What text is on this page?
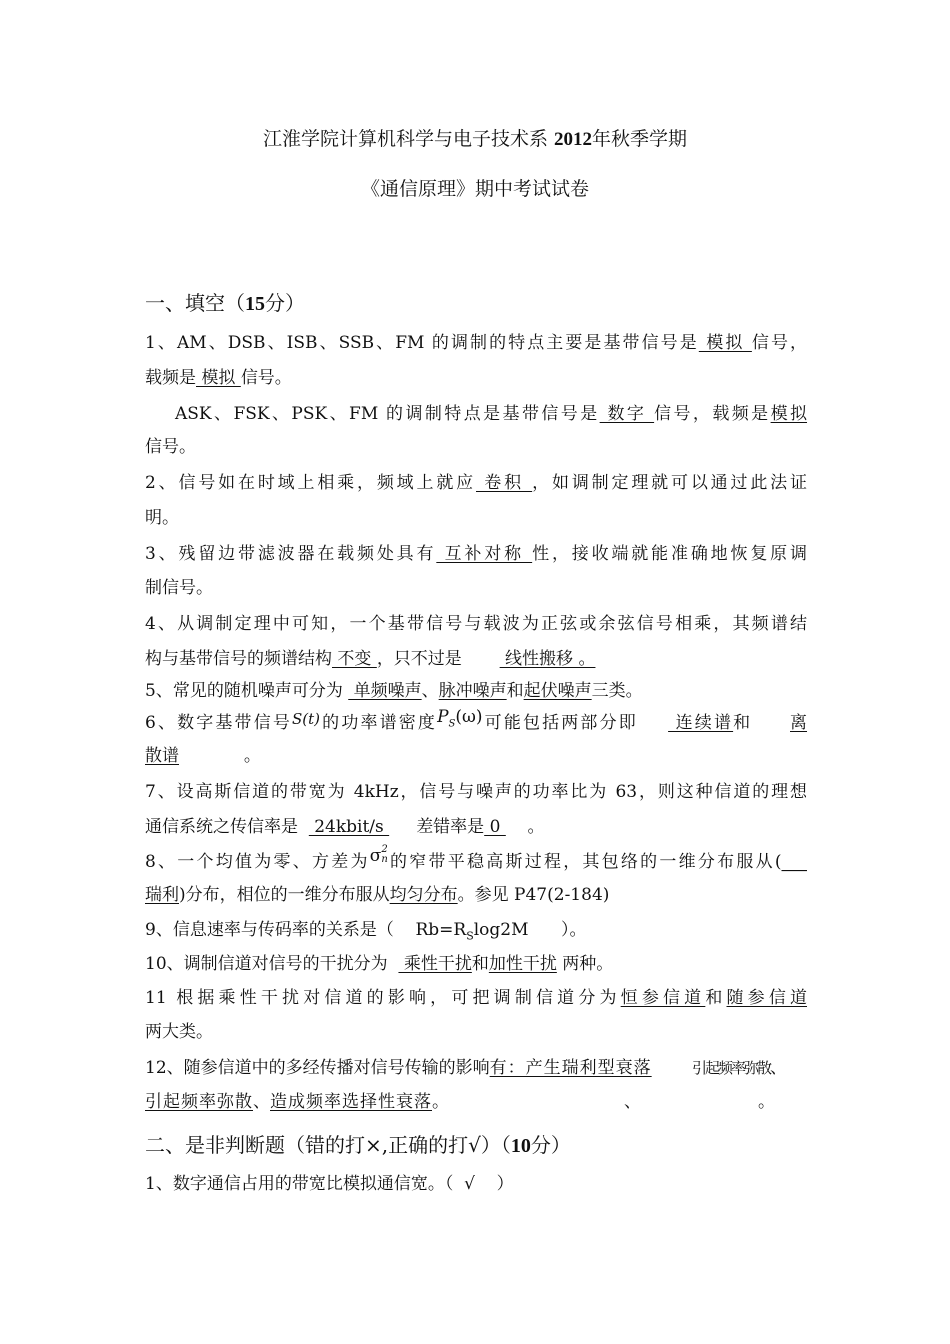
江淮学院计算机科学与电子技术系 2012年秋季学期
《通信原理》期中考试试卷
一、填空（15分）
1、AM、DSB、ISB、SSB、FM 的调制的特点主要是基带信号是 模拟 信号，
载频是 模拟 信号。
ASK、FSK、PSK、FM 的调制特点是基带信号是 数字 信号，载频是模拟
信号。
2、信号如在时域上相乘，频域上就应 卷积 ，如调制定理就可以通过此法证
明。
3、残留边带滤波器在载频处具有 互补对称 性，接收端就能准确地恢复原调
制信号。
4、从调制定理中可知，一个基带信号与载波为正弦或余弦信号相乘，其频谱结
构与基带信号的频谱结构 不变 ，只不过是        线性搬移 。
5、常见的随机噪声可分为  单频噪声、脉冲噪声和起伏噪声三类。
6、数字基带信号S(t)的功率谱密度$P_S(\omega)$可能包括两部分即     连续谱和 离
散谱	。
7、设高斯信道的带宽为 4kHz，信号与噪声的功率比为 63，则这种信道的理想
通信系统之传信率是   24kbit/s      差错率是 0     。
8、一个均值为零、方差为σ 2
n 的窄带平稳高斯过程，其包络的一维分布服从(___
瑞利)分布，相位的一维分布服从均匀分布。参见 P47(2-184)
9、信息速率与传码率的关系是（ $Rb=R_S\log 2M$ ）。
10、调制信道对信号的干扰分为   乘性干扰和加性干扰 两种。
11 根据乘性干扰对信道的影响，可把调制信道分为恒参信道和随参信道
两大类。
12、随参信道中的多经传播对信号传输的影响有：产生瑞利型衰落	引起频率弥散、
引起频率弥散、造成频率选择性衰落。	、	。
二、是非判断题（错的打×,正确的打√）（10分）
1、数字通信占用的带宽比模拟通信宽。（ √ ）
